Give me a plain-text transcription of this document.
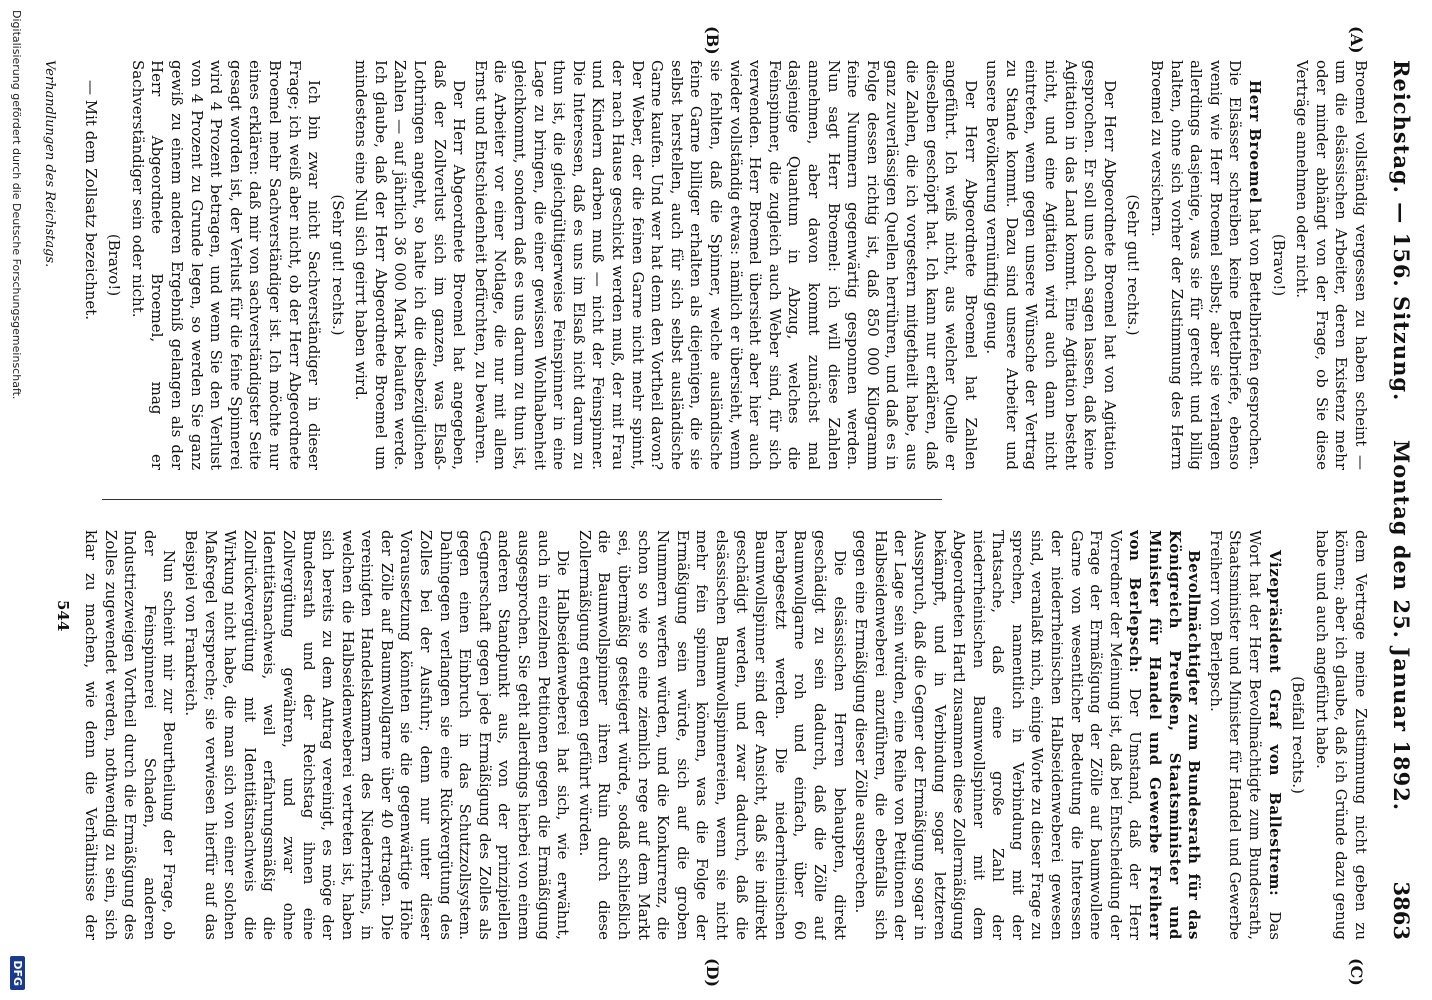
Reichstag. — 156. Sitzung.
Montag den 25. Januar 1892.
3863
(A)
(B)
(C)
(D)

Broemel vollständig vergessen zu haben scheint — um die elsässischen Arbeiter, deren Existenz mehr oder minder abhängt von der Frage, ob Sie diese Verträge annehmen oder nicht.

(Bravo!)

Herr Broemel hat von Bettelbriefen gesprochen. Die Elsässer schreiben keine Bettelbriefe, ebenso wenig wie Herr Broemel selbst; aber sie verlangen allerdings dasjenige, was sie für gerecht und billig halten, ohne sich vorher der Zustimmung des Herrn Broemel zu versichern.

(Sehr gut! rechts.)

Der Herr Abgeordnete Broemel hat von Agitation gesprochen. Er soll uns doch sagen lassen, daß keine Agitation in das Land kommt. Eine Agitation besteht nicht, und eine Agitation wird auch dann nicht eintreten, wenn gegen unsere Wünsche der Vertrag zu Stande kommt. Dazu sind unsere Arbeiter und unsere Bevölkerung vernünftig genug.

Der Herr Abgeordnete Broemel hat Zahlen angeführt. Ich weiß nicht, aus welcher Quelle er dieselben geschöpft hat. Ich kann nur erklären, daß die Zahlen, die ich vorgestern mitgetheilt habe, aus ganz zuverlässigen Quellen herrühren, und daß es in Folge dessen richtig ist, daß 850 000 Kilogramm feine Nummern gegenwärtig gesponnen werden. Nun sagt Herr Broemel: ich will diese Zahlen annehmen, aber davon kommt zunächst mal dasjenige Quantum in Abzug, welches die Feinspinner, die zugleich auch Weber sind, für sich verwenden. Herr Broemel übersieht aber hier auch wieder vollständig etwas: nämlich er übersieht, wenn sie fehlten, daß die Spinner, welche ausländische feine Garne billiger erhalten als diejenigen, die sie selbst herstellen, auch für sich selbst ausländische Garne kaufen. Und wer hat denn den Vortheil davon? Der Weber, der die feinen Garne nicht mehr spinnt, der nach Hause geschickt werden muß, der mit Frau und Kindern darben muß — nicht der Feinspinner. Die Interessen, daß es uns im Elsaß nicht darum zu thun ist, die gleichgültigerweise Feinspinner in eine Lage zu bringen, die einer gewissen Wohlhabenheit gleichkommt, sondern daß es uns darum zu thun ist, die Arbeiter vor einer Notlage, die nur mit allem Ernst und Entschiedenheit befürchten, zu bewahren.

Der Herr Abgeordnete Broemel hat angegeben, daß der Zollverlust sich im ganzen, was Elsaß-Lothringen angeht, so halte ich die diesbezüglichen Zahlen — auf jährlich 36 000 Mark belaufen werde. Ich glaube, daß der Herr Abgeordnete Broemel um mindestens eine Null sich geirrt haben wird.

(Sehr gut! rechts.)

Ich bin zwar nicht Sachverständiger in dieser Frage; ich weiß aber nicht, ob der Herr Abgeordnete Broemel mehr Sachverständiger ist. Ich möchte nur eines erklären: daß mir von sachverständigster Seite gesagt worden ist, der Verlust für die feine Spinnerei wird 4 Prozent betragen, und wenn Sie den Verlust von 4 Prozent zu Grunde legen, so werden Sie ganz gewiß zu einem anderen Ergebniß gelangen als der Herr Abgeordnete Broemel, mag er Sachverständiger sein oder nicht.

(Bravo!)

— Mit dem Zollsatz bezeichnet.

dem Vertrage meine Zustimmung nicht geben zu können; aber ich glaube, daß ich Gründe dazu genug habe und auch angeführt habe.

(Beifall rechts.)

Vizepräsident Graf von Ballestrem: Das Wort hat der Herr Bevollmächtigte zum Bundesrath, Staatsminister und Minister für Handel und Gewerbe Freiherr von Berlepsch.

Bevollmächtigter zum Bundesrath für das Königreich Preußen, Staatsminister und Minister für Handel und Gewerbe Freiherr von Berlepsch: Der Umstand, daß der Herr Vorredner der Meinung ist, daß bei Entscheidung der Frage der Ermäßigung der Zölle auf baumwollene Garne von wesentlicher Bedeutung die Interessen der niederrheinischen Halbseidenweberei gewesen sind, veranlaßt mich, einige Worte zu dieser Frage zu sprechen, namentlich in Verbindung mit der Thatsache, daß eine große Zahl der niederrheinischen Baumwollspinner mit dem Abgeordneten Hartl zusammen diese Zollermäßigung bekämpft, und in Verbindung sogar letzteren Ausspruch, daß die Gegner der Ermäßigung sogar in der Lage sein würden, eine Reihe von Petitionen der Halbseidenweberei anzuführen, die ebenfalls sich gegen eine Ermäßigung dieser Zölle aussprechen.

Die elsässischen Herren behaupten, direkt geschädigt zu sein dadurch, daß die Zölle auf Baumwollgarne roh und einfach, über 60 herabgesetzt werden. Die niederrheinischen Baumwollspinner sind der Ansicht, daß sie indirekt geschädigt werden, und zwar dadurch, daß die elsässischen Baumwollspinnereien, wenn sie nicht mehr fein spinnen können, was die Folge der Ermäßigung sein würde, sich auf die groben Nummern werfen würden, und die Konkurrenz, die schon so wie so eine ziemlich rege auf dem Markt sei, übermäßig gesteigert würde, sodaß schließlich die Baumwollspinner ihren Ruin durch diese Zollermäßigung entgegen geführt würden.

Die Halbseidenweberei hat sich, wie erwähnt, auch in einzelnen Petitionen gegen die Ermäßigung ausgesprochen. Sie geht allerdings hierbei von einem anderen Standpunkt aus, von der prinzipiellen Gegnerschaft gegen jede Ermäßigung des Zolles als gegen einen Einbruch in das Schutzzollsystem. Dahingegen verlangen sie eine Rückvergütung des Zolles bei der Ausfuhr; denn nur unter dieser Voraussetzung könnten sie die gegenwärtige Höhe der Zölle auf Baumwollgarne über 40 ertragen. Die vereinigten Handelskammern des Niederrheins, in welchen die Halbseidenweberei vertreten ist, haben sich bereits zu dem Antrag vereinigt, es möge der Bundesrath und der Reichstag ihnen eine Zollvergütung gewähren, und zwar ohne Identitätsnachweis, weil erfahrungsmäßig die Zollrückvergütung mit Identitätsnachweis die Wirkung nicht habe, die man sich von einer solchen Maßregel verspreche; sie verwiesen hierfür auf das Beispiel von Frankreich.

Nun scheint mir zur Beurtheilung der Frage, ob der Feinspinnerei Schaden, anderen Industriezweigen Vortheil durch die Ermäßigung des Zolles zugewendet werden, nothwendig zu sein, sich klar zu machen, wie denn die Verhältnisse der

544
Verhandlungen des Reichstags.
Digitalisierung gefördert durch die Deutsche Forschungsgemeinschaft.
DFG
